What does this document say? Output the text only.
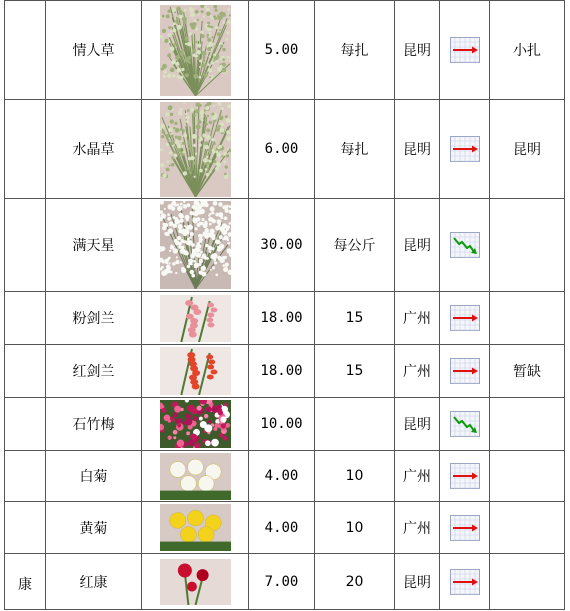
	情人草		5.00	每扎	昆明		小扎

	水晶草		6.00	每扎	昆明		昆明

	满天星		30.00	每公斤	昆明	

	粉剑兰		18.00	15	广州	

	红剑兰		18.00	15	广州		暂缺

	石竹梅		10.00		昆明	

	白菊		4.00	10	广州	

	黄菊		4.00	10	广州	

康	红康		7.00	20	昆明	
